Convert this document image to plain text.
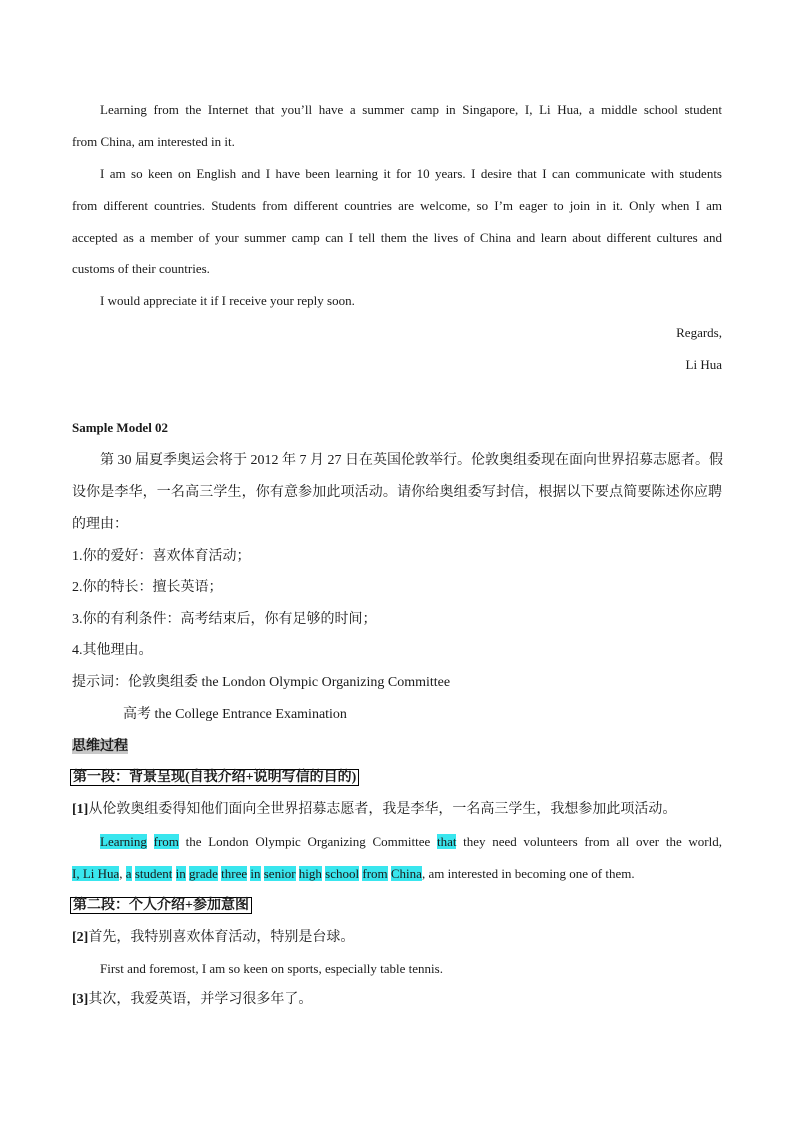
Learning from the Internet that you’ll have a summer camp in Singapore, I, Li Hua, a middle school student
from China, am interested in it.
I am so keen on English and I have been learning it for 10 years. I desire that I can communicate with students
from different countries. Students from different countries are welcome, so I’m eager to join in it. Only when I am
accepted as a member of your summer camp can I tell them the lives of China and learn about different cultures and
customs of their countries.
I would appreciate it if I receive your reply soon.
Regards,
Li Hua
Sample Model 02
第 30 届夏季奥运会将于 2012 年 7 月 27 日在英国伦敦举行。伦敦奥组委现在面向世界招募志愿者。假
设你是李华，一名高三学生，你有意参加此项活动。请你给奥组委写封信，根据以下要点简要陈述你应聘
的理由：
1.你的爱好：喜欢体育活动；
2.你的特长：擅长英语；
3.你的有利条件：高考结束后，你有足够的时间；
4.其他理由。
提示词：伦敦奥组委 the London Olympic Organizing Committee
高考 the College Entrance Examination
思维过程
第一段：背景呈现(自我介绍+说明写信的目的)
[1]从伦敦奥组委得知他们面向全世界招募志愿者，我是李华，一名高三学生，我想参加此项活动。
Learning from the London Olympic Organizing Committee that they need volunteers from all over the world,
I, Li Hua, a student in grade three in senior high school from China, am interested in becoming one of them.
第二段：个人介绍+参加意图
[2]首先，我特别喜欢体育活动，特别是台球。
First and foremost, I am so keen on sports, especially table tennis.
[3]其次，我爱英语，并学习很多年了。
